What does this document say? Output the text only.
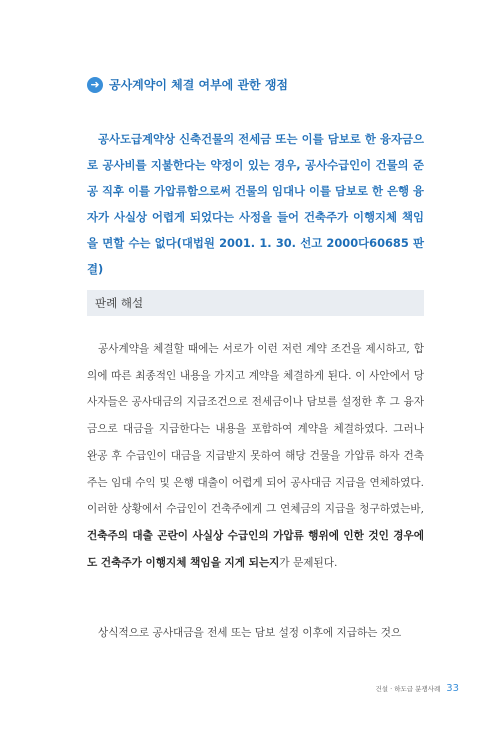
➜ 공사계약이 체결 여부에 관한 쟁점
공사도급계약상 신축건물의 전세금 또는 이를 담보로 한 융자금으로 공사비를 지불한다는 약정이 있는 경우, 공사수급인이 건물의 준공 직후 이를 가압류함으로써 건물의 임대나 이를 담보로 한 은행 융자가 사실상 어렵게 되었다는 사정을 들어 건축주가 이행지체 책임을 면할 수는 없다(대법원 2001. 1. 30. 선고 2000다60685 판결)
판례 해설

공사계약을 체결할 때에는 서로가 이런 저런 계약 조건을 제시하고, 합의에 따른 최종적인 내용을 가지고 계약을 체결하게 된다. 이 사안에서 당사자들은 공사대금의 지급조건으로 전세금이나 담보를 설정한 후 그 융자금으로 대금을 지급한다는 내용을 포함하여 계약을 체결하였다. 그러나 완공 후 수급인이 대금을 지급받지 못하여 해당 건물을 가압류 하자 건축주는 임대 수익 및 은행 대출이 어렵게 되어 공사대금 지급을 연체하였다. 이러한 상황에서 수급인이 건축주에게 그 연체금의 지급을 청구하였는바, 건축주의 대출 곤란이 사실상 수급인의 가압류 행위에 인한 것인 경우에도 건축주가 이행지체 책임을 지게 되는지가 문제된다.

상식적으로 공사대금을 전세 또는 담보 설정 이후에 지급하는 것으

건설 · 하도급 분쟁사례 33
